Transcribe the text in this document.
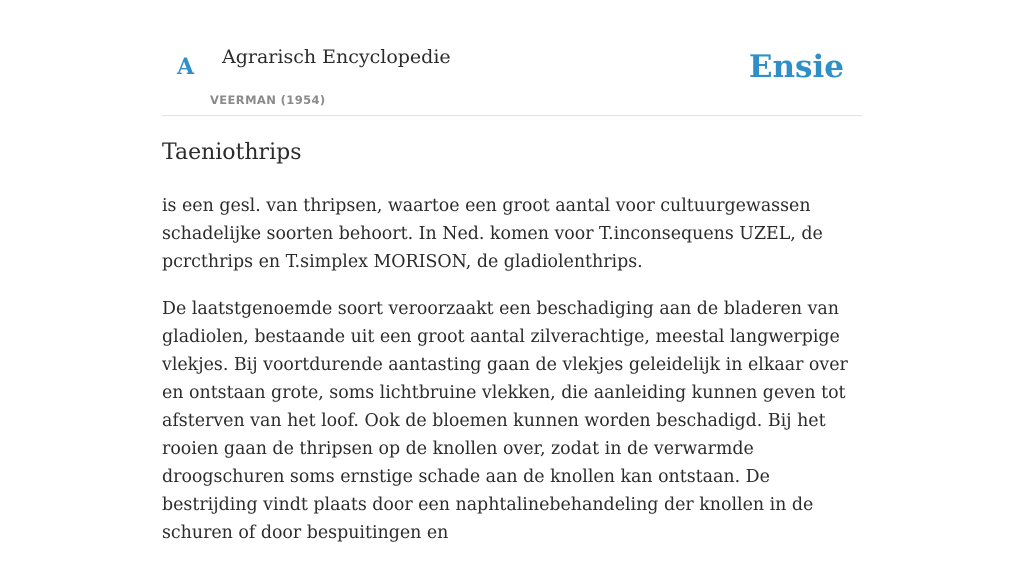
A Agrarisch Encyclopedie
VEERMAN (1954)
Ensie
Taeniothrips

is een gesl. van thripsen, waartoe een groot aantal voor cultuurgewassen schadelijke soorten behoort. In Ned. komen voor T.inconsequens UZEL, de pcrcthrips en T.simplex MORISON, de gladiolenthrips.

De laatstgenoemde soort veroorzaakt een beschadiging aan de bladeren van gladiolen, bestaande uit een groot aantal zilverachtige, meestal langwerpige vlekjes. Bij voortdurende aantasting gaan de vlekjes geleidelijk in elkaar over en ontstaan grote, soms lichtbruine vlekken, die aanleiding kunnen geven tot afsterven van het loof. Ook de bloemen kunnen worden beschadigd. Bij het rooien gaan de thripsen op de knollen over, zodat in de verwarmde droogschuren soms ernstige schade aan de knollen kan ontstaan. De bestrijding vindt plaats door een naphtalinebehandeling der knollen in de schuren of door bespuitingen en
